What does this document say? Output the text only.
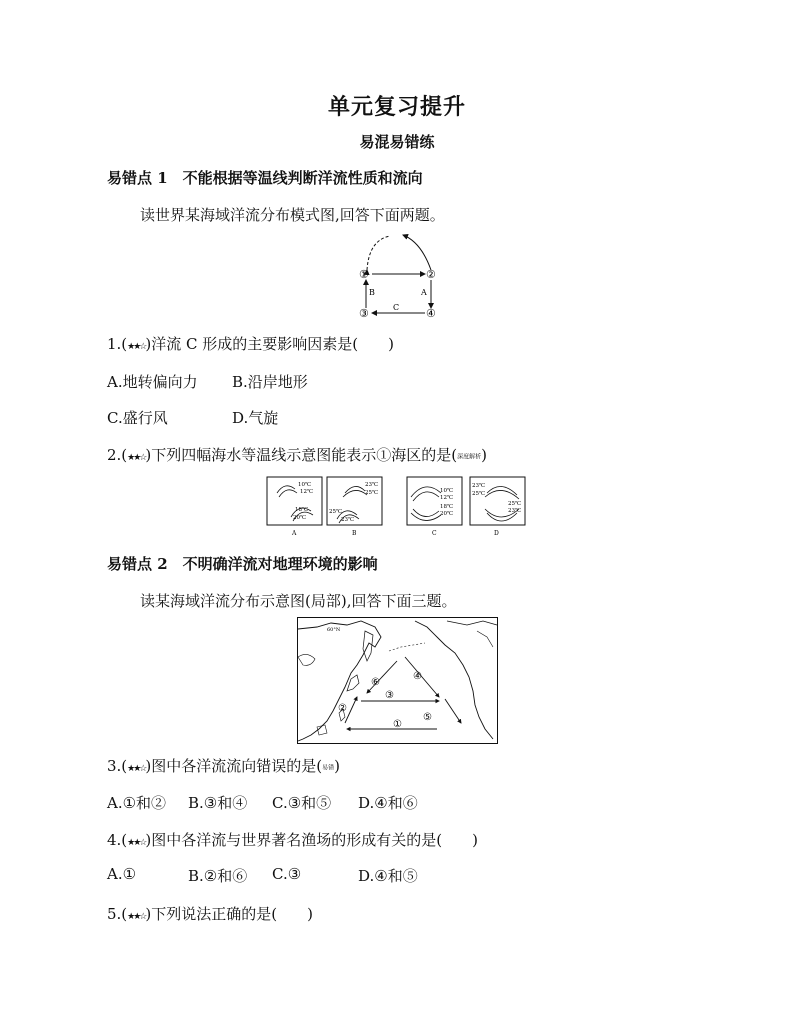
单元复习提升
易混易错练
易错点 1　不能根据等温线判断洋流性质和流向
读世界某海域洋流分布模式图,回答下面两题。
①	②
③	④
A
B
C
1.(★★☆)洋流 C 形成的主要影响因素是(　　)
A.地转偏向力 B.沿岸地形
C.盛行风	D.气旋
2.(★★☆)下列四幅海水等温线示意图能表示①海区的是(深度解析)
10℃
12℃
18℃
20℃
A
23℃
25℃
25℃
23℃
B
10℃
12℃
18℃
20℃
C
23℃
25℃
25℃
23℃
D
易错点 2　不明确洋流对地理环境的影响
读某海域洋流分布示意图(局部),回答下面三题。
60°N
①
②
③
④
⑤
⑥
3.(★★☆)图中各洋流流向错误的是(易错)
A.①和② B.③和④ C.③和⑤ D.④和⑥
4.(★★☆)图中各洋流与世界著名渔场的形成有关的是(　　)
A.①	B.②和⑥ C.③	D.④和⑤
5.(★★☆)下列说法正确的是(　　)
